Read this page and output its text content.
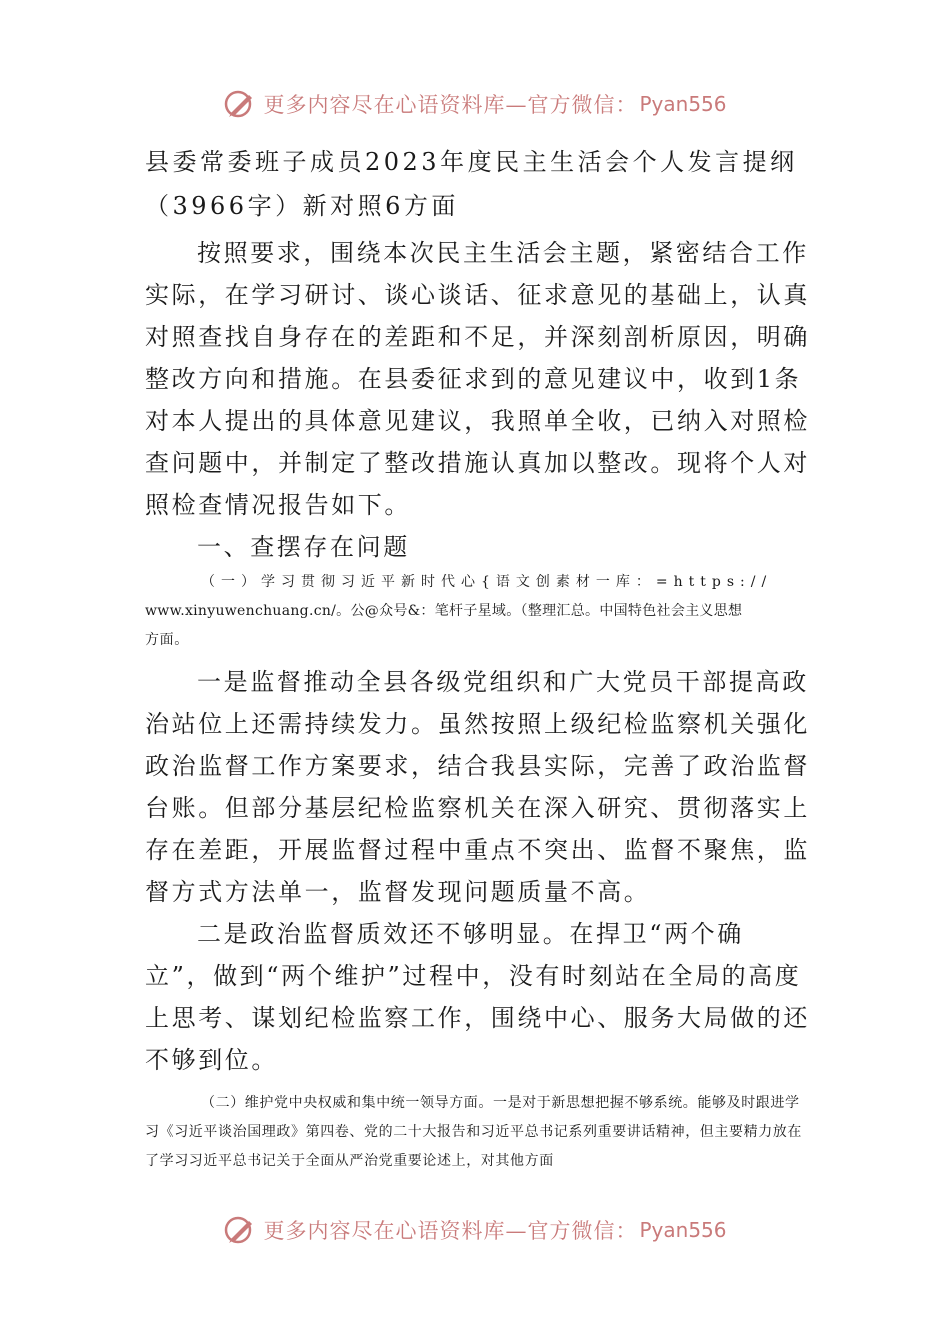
更多内容尽在心语资料库—官方微信： Pyan556

县委常委班子成员2023年度民主生活会个人发言提纲

（3966字）新对照6方面

按照要求，围绕本次民主生活会主题，紧密结合工作实际，在学习研讨、谈心谈话、征求意见的基础上，认真对照查找自身存在的差距和不足，并深刻剖析原因，明确整改方向和措施。在县委征求到的意见建议中，收到1条对本人提出的具体意见建议，我照单全收，已纳入对照检查问题中，并制定了整改措施认真加以整改。现将个人对照检查情况报告如下。

一、查摆存在问题

（一）学习贯彻习近平新时代心{语文创素材一库：=https://

www.xinyuwenchuang.cn/。公@众号&：笔杆子星域。（整理汇总。中国特色社会主义思想

方面。

一是监督推动全县各级党组织和广大党员干部提高政治站位上还需持续发力。虽然按照上级纪检监察机关强化政治监督工作方案要求，结合我县实际，完善了政治监督台账。但部分基层纪检监察机关在深入研究、贯彻落实上存在差距，开展监督过程中重点不突出、监督不聚焦，监督方式方法单一，监督发现问题质量不高。

二是政治监督质效还不够明显。在捍卫“两个确立”，做到“两个维护”过程中，没有时刻站在全局的高度上思考、谋划纪检监察工作，围绕中心、服务大局做的还不够到位。

（二）维护党中央权威和集中统一领导方面。一是对于新思想把握不够系统。能够及时跟进学习《习近平谈治国理政》第四卷、党的二十大报告和习近平总书记系列重要讲话精神，但主要精力放在了学习习近平总书记关于全面从严治党重要论述上，对其他方面

更多内容尽在心语资料库—官方微信： Pyan556
